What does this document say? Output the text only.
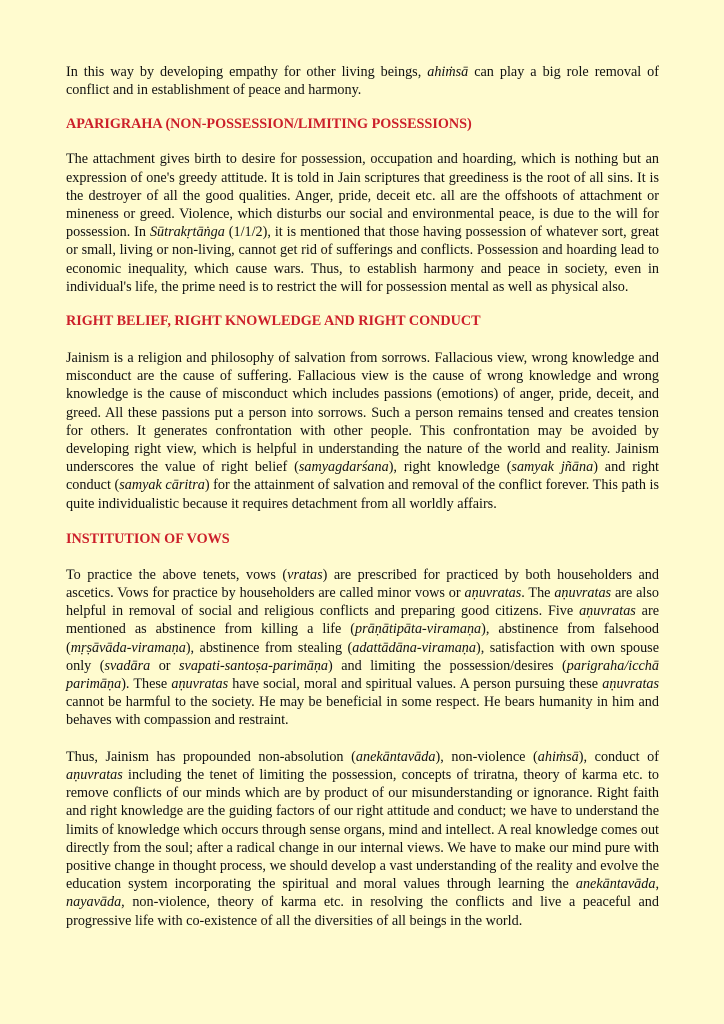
In this way by developing empathy for other living beings, ahiṁsā can play a big role removal of conflict and in establishment of peace and harmony.

APARIGRAHA (NON-POSSESSION/LIMITING POSSESSIONS)

The attachment gives birth to desire for possession, occupation and hoarding, which is nothing but an expression of one's greedy attitude. It is told in Jain scriptures that greediness is the root of all sins. It is the destroyer of all the good qualities. Anger, pride, deceit etc. all are the offshoots of attachment or mineness or greed. Violence, which disturbs our social and environmental peace, is due to the will for possession. In Sūtrakṛtāṅga (1/1/2), it is mentioned that those having possession of whatever sort, great or small, living or non-living, cannot get rid of sufferings and conflicts. Possession and hoarding lead to economic inequality, which cause wars. Thus, to establish harmony and peace in society, even in individual's life, the prime need is to restrict the will for possession mental as well as physical also.

RIGHT BELIEF, RIGHT KNOWLEDGE AND RIGHT CONDUCT

Jainism is a religion and philosophy of salvation from sorrows. Fallacious view, wrong knowledge and misconduct are the cause of suffering. Fallacious view is the cause of wrong knowledge and wrong knowledge is the cause of misconduct which includes passions (emotions) of anger, pride, deceit, and greed. All these passions put a person into sorrows. Such a person remains tensed and creates tension for others. It generates confrontation with other people. This confrontation may be avoided by developing right view, which is helpful in understanding the nature of the world and reality. Jainism underscores the value of right belief (samyagdarśana), right knowledge (samyak jñāna) and right conduct (samyak cāritra) for the attainment of salvation and removal of the conflict forever. This path is quite individualistic because it requires detachment from all worldly affairs.

INSTITUTION OF VOWS

To practice the above tenets, vows (vratas) are prescribed for practiced by both householders and ascetics. Vows for practice by householders are called minor vows or aṇuvratas. The aṇuvratas are also helpful in removal of social and religious conflicts and preparing good citizens. Five aṇuvratas are mentioned as abstinence from killing a life (prāṇātipāta-viramaṇa), abstinence from falsehood (mṛṣāvāda-viramaṇa), abstinence from stealing (adattādāna-viramaṇa), satisfaction with own spouse only (svadāra or svapati-santoṣa-parimāṇa) and limiting the possession/desires (parigraha/icchā parimāṇa). These aṇuvratas have social, moral and spiritual values. A person pursuing these aṇuvratas cannot be harmful to the society. He may be beneficial in some respect. He bears humanity in him and behaves with compassion and restraint.

Thus, Jainism has propounded non-absolution (anekāntavāda), non-violence (ahiṁsā), conduct of aṇuvratas including the tenet of limiting the possession, concepts of triratna, theory of karma etc. to remove conflicts of our minds which are by product of our misunderstanding or ignorance. Right faith and right knowledge are the guiding factors of our right attitude and conduct; we have to understand the limits of knowledge which occurs through sense organs, mind and intellect. A real knowledge comes out directly from the soul; after a radical change in our internal views. We have to make our mind pure with positive change in thought process, we should develop a vast understanding of the reality and evolve the education system incorporating the spiritual and moral values through learning the anekāntavāda, nayavāda, non-violence, theory of karma etc. in resolving the conflicts and live a peaceful and progressive life with co-existence of all the diversities of all beings in the world.
